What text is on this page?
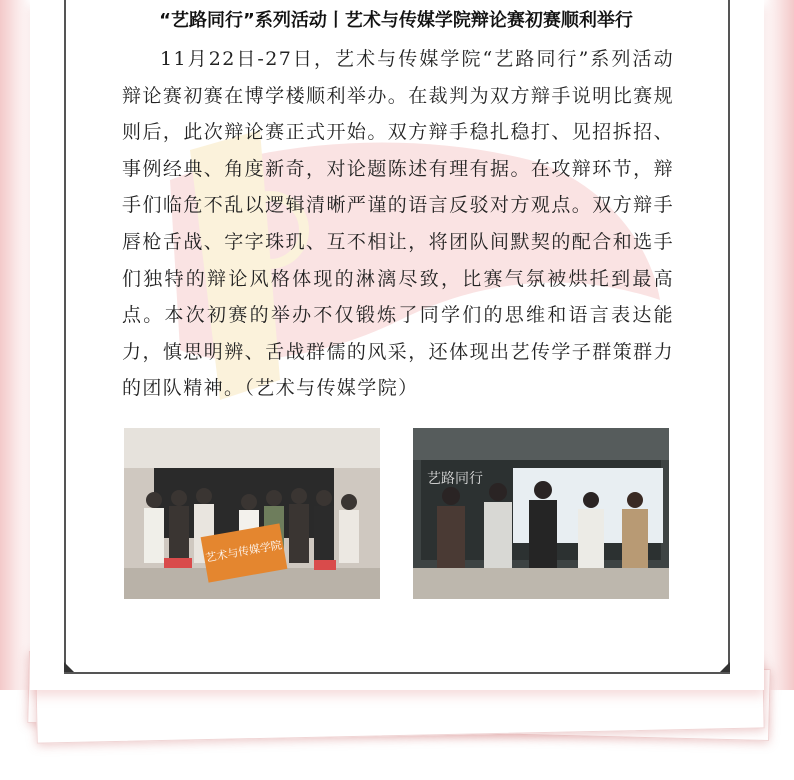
“艺路同行”系列活动丨艺术与传媒学院辩论赛初赛顺利举行
11月22日-27日，艺术与传媒学院“艺路同行”系列活动辩论赛初赛在博学楼顺利举办。在裁判为双方辩手说明比赛规则后，此次辩论赛正式开始。双方辩手稳扎稳打、见招拆招、事例经典、角度新奇，对论题陈述有理有据。在攻辩环节，辩手们临危不乱以逻辑清晰严谨的语言反驳对方观点。双方辩手唇枪舌战、字字珠玑、互不相让，将团队间默契的配合和选手们独特的辩论风格体现的淋漓尽致，比赛气氛被烘托到最高点。本次初赛的举办不仅锻炼了同学们的思维和语言表达能力，慎思明辨、舌战群儒的风采，还体现出艺传学子群策群力的团队精神。（艺术与传媒学院）
艺术与传媒学院
艺路同行
